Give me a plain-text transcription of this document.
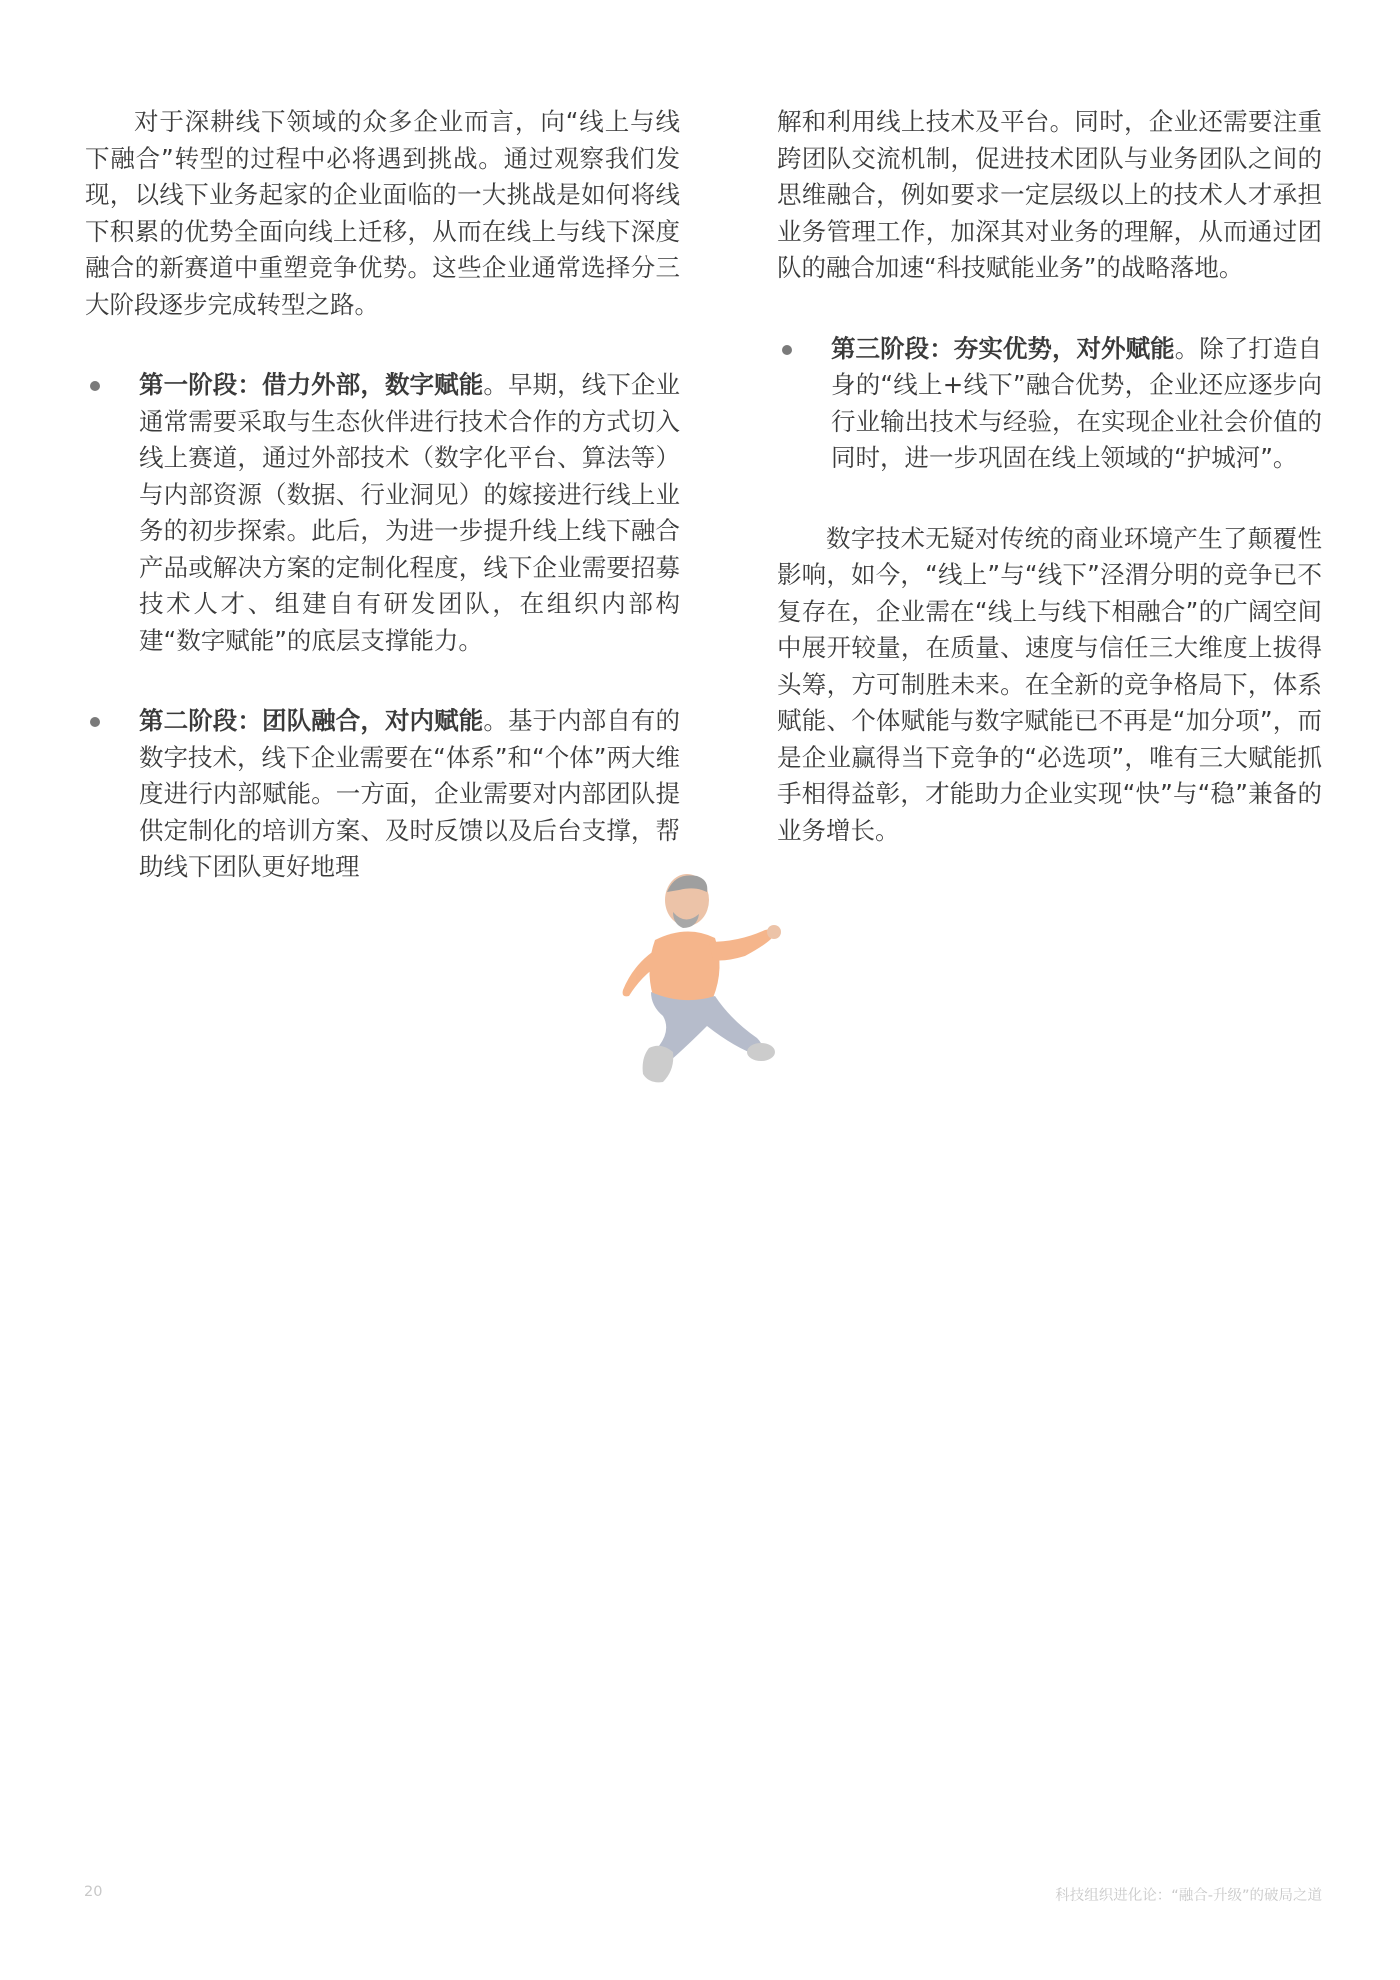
对于深耕线下领域的众多企业而言，向“线上与线下融合”转型的过程中必将遇到挑战。通过观察我们发现，以线下业务起家的企业面临的一大挑战是如何将线下积累的优势全面向线上迁移，从而在线上与线下深度融合的新赛道中重塑竞争优势。这些企业通常选择分三大阶段逐步完成转型之路。

第一阶段：借力外部，数字赋能。早期，线下企业通常需要采取与生态伙伴进行技术合作的方式切入线上赛道，通过外部技术（数字化平台、算法等）与内部资源（数据、行业洞见）的嫁接进行线上业务的初步探索。此后，为进一步提升线上线下融合产品或解决方案的定制化程度，线下企业需要招募技术人才、组建自有研发团队，在组织内部构建“数字赋能”的底层支撑能力。
第二阶段：团队融合，对内赋能。基于内部自有的数字技术，线下企业需要在“体系”和“个体”两大维度进行内部赋能。一方面，企业需要对内部团队提供定制化的培训方案、及时反馈以及后台支撑，帮助线下团队更好地理

解和利用线上技术及平台。同时，企业还需要注重跨团队交流机制，促进技术团队与业务团队之间的思维融合，例如要求一定层级以上的技术人才承担业务管理工作，加深其对业务的理解，从而通过团队的融合加速“科技赋能业务”的战略落地。

第三阶段：夯实优势，对外赋能。除了打造自身的“线上+线下”融合优势，企业还应逐步向行业输出技术与经验，在实现企业社会价值的同时，进一步巩固在线上领域的“护城河”。

数字技术无疑对传统的商业环境产生了颠覆性影响，如今，“线上”与“线下”泾渭分明的竞争已不复存在，企业需在“线上与线下相融合”的广阔空间中展开较量，在质量、速度与信任三大维度上拔得头筹，方可制胜未来。在全新的竞争格局下，体系赋能、个体赋能与数字赋能已不再是“加分项”，而是企业赢得当下竞争的“必选项”，唯有三大赋能抓手相得益彰，才能助力企业实现“快”与“稳”兼备的业务增长。

20	科技组织进化论：“融合-升级”的破局之道
